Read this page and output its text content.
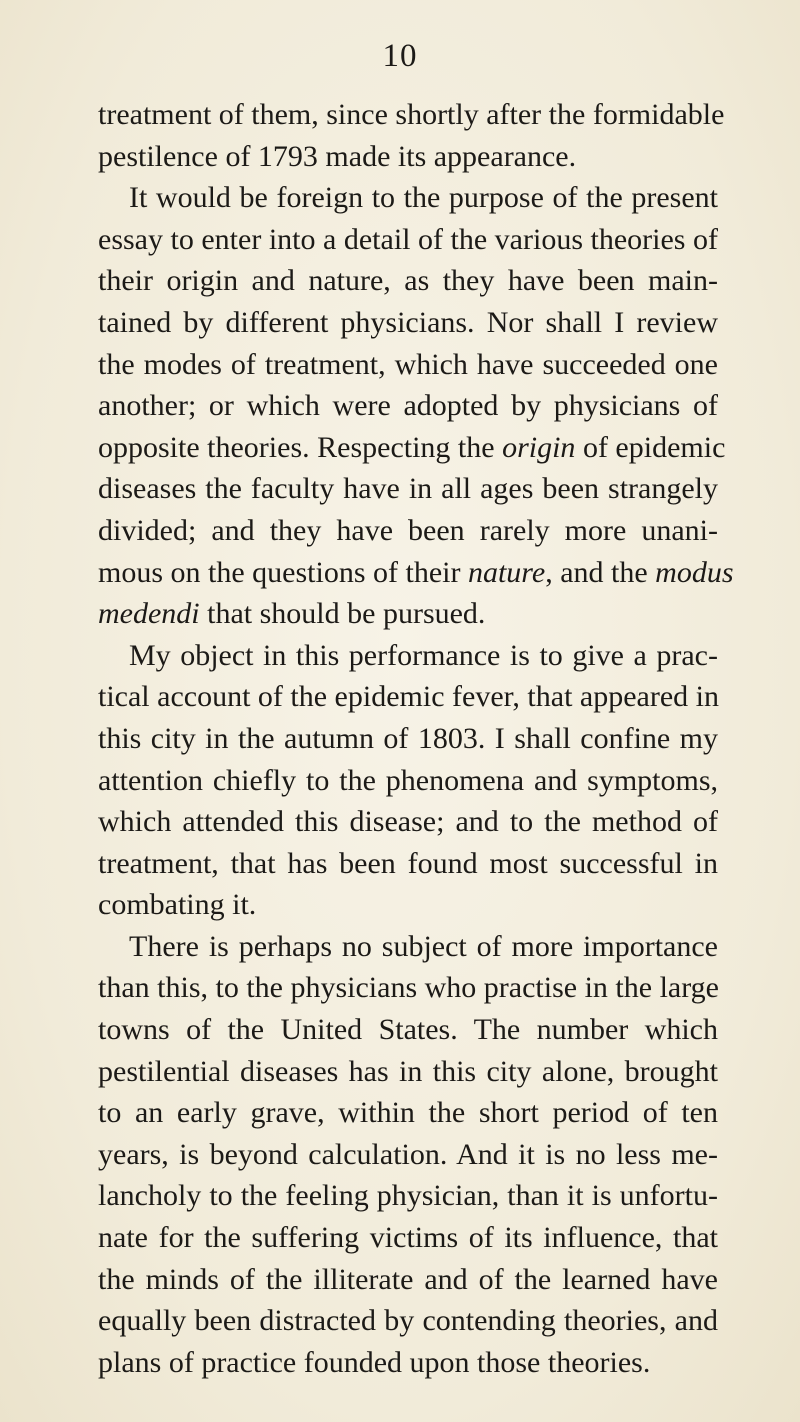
10
treatment of them, since shortly after the formidable
pestilence of 1793 made its appearance.
It would be foreign to the purpose of the present
essay to enter into a detail of the various theories of
their origin and nature, as they have been main-
tained by different physicians. Nor shall I review
the modes of treatment, which have succeeded one
another; or which were adopted by physicians of
opposite theories. Respecting the origin of epidemic
diseases the faculty have in all ages been strangely
divided; and they have been rarely more unani-
mous on the questions of their nature, and the modus
medendi that should be pursued.
My object in this performance is to give a prac-
tical account of the epidemic fever, that appeared in
this city in the autumn of 1803. I shall confine my
attention chiefly to the phenomena and symptoms,
which attended this disease; and to the method of
treatment, that has been found most successful in
combating it.
There is perhaps no subject of more importance
than this, to the physicians who practise in the large
towns of the United States. The number which
pestilential diseases has in this city alone, brought
to an early grave, within the short period of ten
years, is beyond calculation. And it is no less me-
lancholy to the feeling physician, than it is unfortu-
nate for the suffering victims of its influence, that
the minds of the illiterate and of the learned have
equally been distracted by contending theories, and
plans of practice founded upon those theories.
